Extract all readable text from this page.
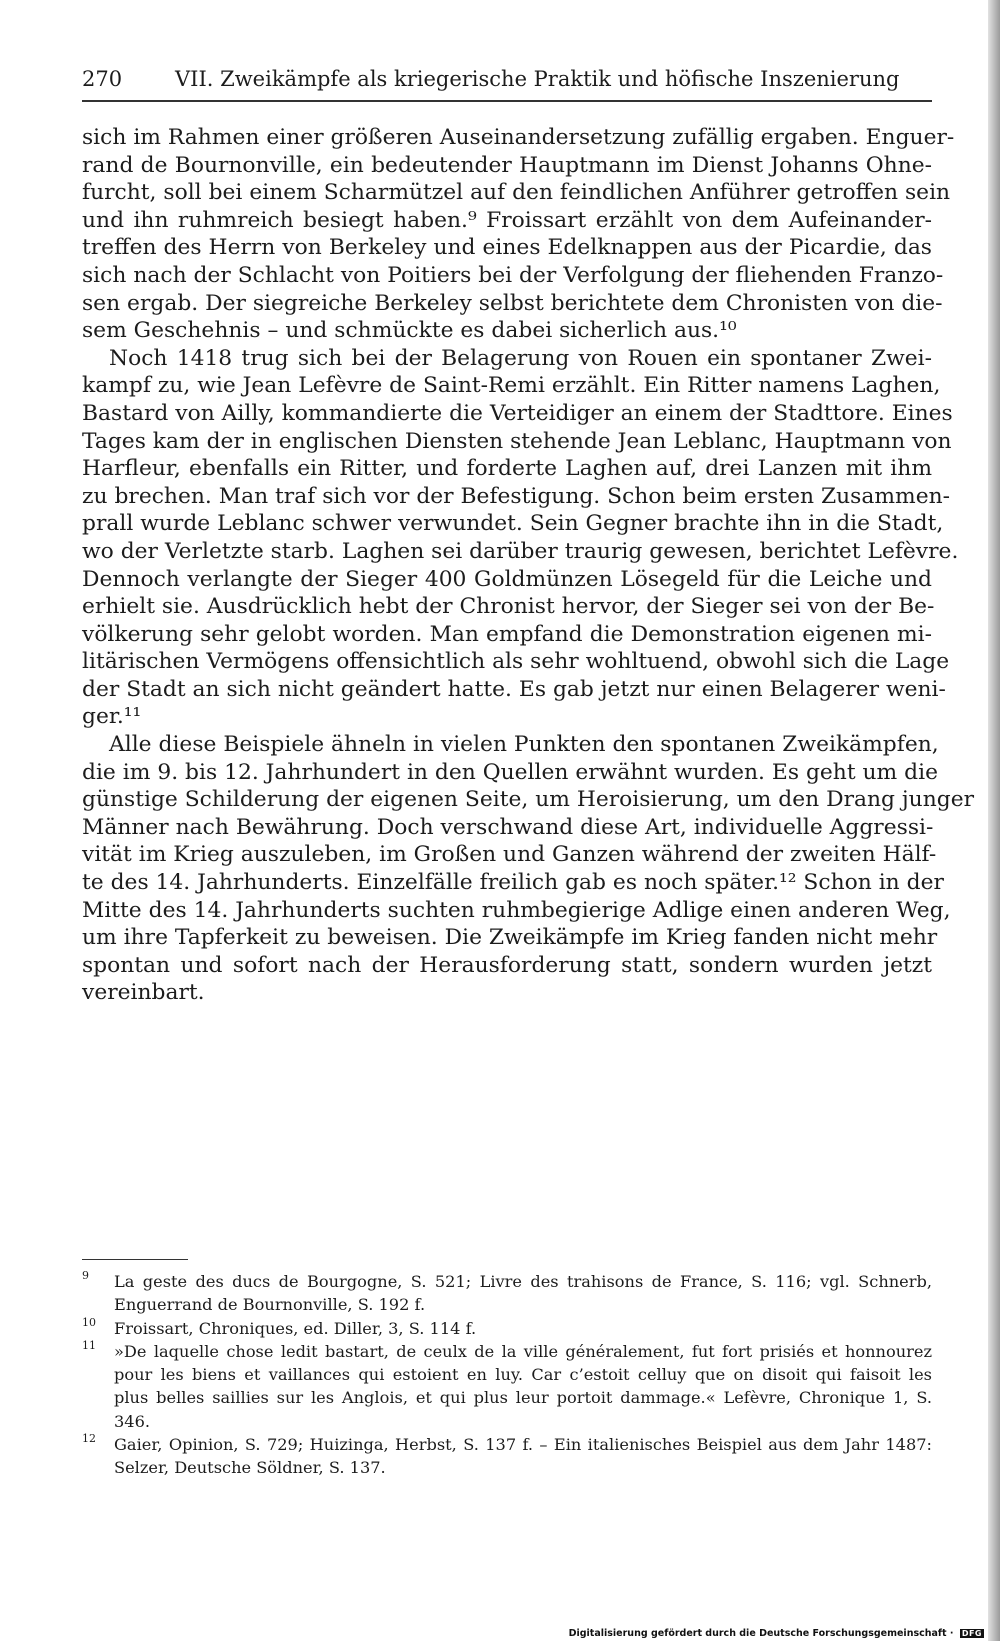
270	VII. Zweikämpfe als kriegerische Praktik und höfische Inszenierung
sich im Rahmen einer größeren Auseinandersetzung zufällig ergaben. Enguer-
rand de Bournonville, ein bedeutender Hauptmann im Dienst Johanns Ohne-
furcht, soll bei einem Scharmützel auf den feindlichen Anführer getroffen sein
und ihn ruhmreich besiegt haben.⁹ Froissart erzählt von dem Aufeinander-
treffen des Herrn von Berkeley und eines Edelknappen aus der Picardie, das
sich nach der Schlacht von Poitiers bei der Verfolgung der fliehenden Franzo-
sen ergab. Der siegreiche Berkeley selbst berichtete dem Chronisten von die-
sem Geschehnis – und schmückte es dabei sicherlich aus.¹⁰
Noch 1418 trug sich bei der Belagerung von Rouen ein spontaner Zwei-
kampf zu, wie Jean Lefèvre de Saint-Remi erzählt. Ein Ritter namens Laghen,
Bastard von Ailly, kommandierte die Verteidiger an einem der Stadttore. Eines
Tages kam der in englischen Diensten stehende Jean Leblanc, Hauptmann von
Harfleur, ebenfalls ein Ritter, und forderte Laghen auf, drei Lanzen mit ihm
zu brechen. Man traf sich vor der Befestigung. Schon beim ersten Zusammen-
prall wurde Leblanc schwer verwundet. Sein Gegner brachte ihn in die Stadt,
wo der Verletzte starb. Laghen sei darüber traurig gewesen, berichtet Lefèvre.
Dennoch verlangte der Sieger 400 Goldmünzen Lösegeld für die Leiche und
erhielt sie. Ausdrücklich hebt der Chronist hervor, der Sieger sei von der Be-
völkerung sehr gelobt worden. Man empfand die Demonstration eigenen mi-
litärischen Vermögens offensichtlich als sehr wohltuend, obwohl sich die Lage
der Stadt an sich nicht geändert hatte. Es gab jetzt nur einen Belagerer weni-
ger.¹¹
Alle diese Beispiele ähneln in vielen Punkten den spontanen Zweikämpfen,
die im 9. bis 12. Jahrhundert in den Quellen erwähnt wurden. Es geht um die
günstige Schilderung der eigenen Seite, um Heroisierung, um den Drang junger
Männer nach Bewährung. Doch verschwand diese Art, individuelle Aggressi-
vität im Krieg auszuleben, im Großen und Ganzen während der zweiten Hälf-
te des 14. Jahrhunderts. Einzelfälle freilich gab es noch später.¹² Schon in der
Mitte des 14. Jahrhunderts suchten ruhmbegierige Adlige einen anderen Weg,
um ihre Tapferkeit zu beweisen. Die Zweikämpfe im Krieg fanden nicht mehr
spontan und sofort nach der Herausforderung statt, sondern wurden jetzt
vereinbart.
9 La geste des ducs de Bourgogne, S. 521; Livre des trahisons de France, S. 116; vgl. Schnerb,
Enguerrand de Bournonville, S. 192 f.
10 Froissart, Chroniques, ed. Diller, 3, S. 114 f.
11 »De laquelle chose ledit bastart, de ceulx de la ville généralement, fut fort prisiés et honnourez
pour les biens et vaillances qui estoient en luy. Car c’estoit celluy que on disoit qui faisoit les
plus belles saillies sur les Anglois, et qui plus leur portoit dammage.« Lefèvre, Chronique 1, S.
346.
12 Gaier, Opinion, S. 729; Huizinga, Herbst, S. 137 f. – Ein italienisches Beispiel aus dem Jahr 1487:
Selzer, Deutsche Söldner, S. 137.
Digitalisierung gefördert durch die Deutsche Forschungsgemeinschaft · DFG
